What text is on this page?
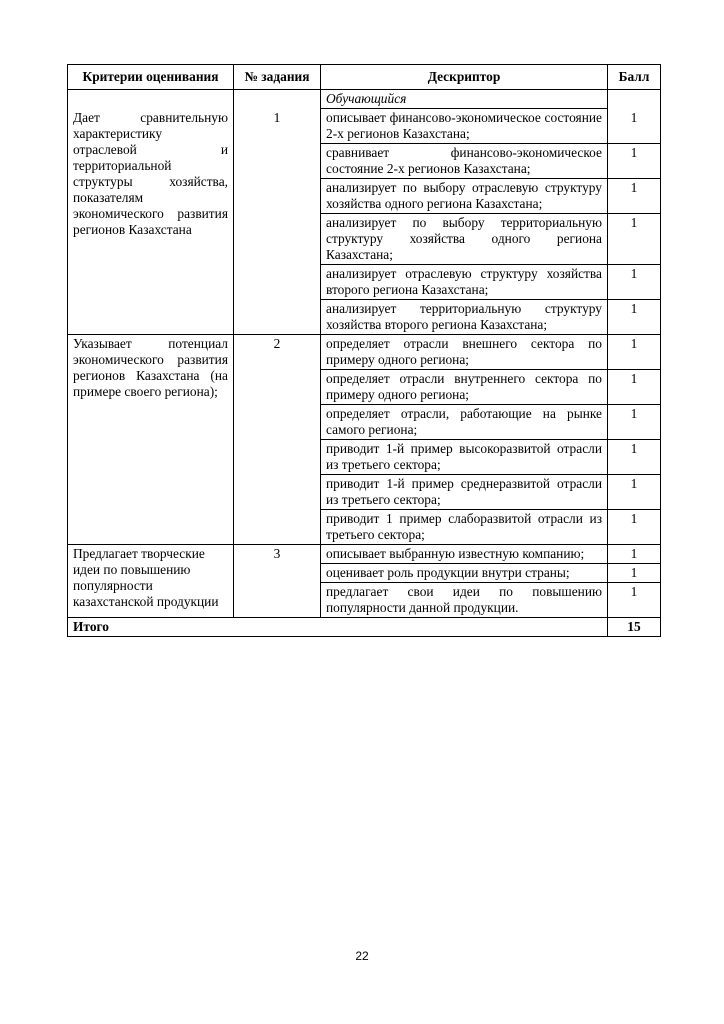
Критерии оценивания	№ задания	Дескриптор	Балл
		Обучающийся	
Дает сравнительную характеристику отраслевой и территориальной структуры хозяйства, показателям экономического развития регионов Казахстана	1	описывает финансово-экономическое состояние 2-х регионов Казахстана;	1
		сравнивает финансово-экономическое состояние 2-х регионов Казахстана;	1
		анализирует по выбору отраслевую структуру хозяйства одного региона Казахстана;	1
		анализирует по выбору территориальную структуру хозяйства одного региона Казахстана;	1
		анализирует отраслевую структуру хозяйства второго региона Казахстана;	1
		анализирует территориальную структуру хозяйства второго региона Казахстана;	1
Указывает потенциал экономического развития регионов Казахстана (на примере своего региона);	2	определяет отрасли внешнего сектора по примеру одного региона;	1
		определяет отрасли внутреннего сектора по примеру одного региона;	1
		определяет отрасли, работающие на рынке самого региона;	1
		приводит 1-й пример высокоразвитой отрасли из третьего сектора;	1
		приводит 1-й пример среднеразвитой отрасли из третьего сектора;	1
		приводит 1 пример слаборазвитой отрасли из третьего сектора;	1
Предлагает творческие идеи по повышению популярности казахстанской продукции	3	описывает выбранную известную компанию;	1
		оценивает роль продукции внутри страны;	1
		предлагает свои идеи по повышению популярности данной продукции.	1
Итого			15
22
